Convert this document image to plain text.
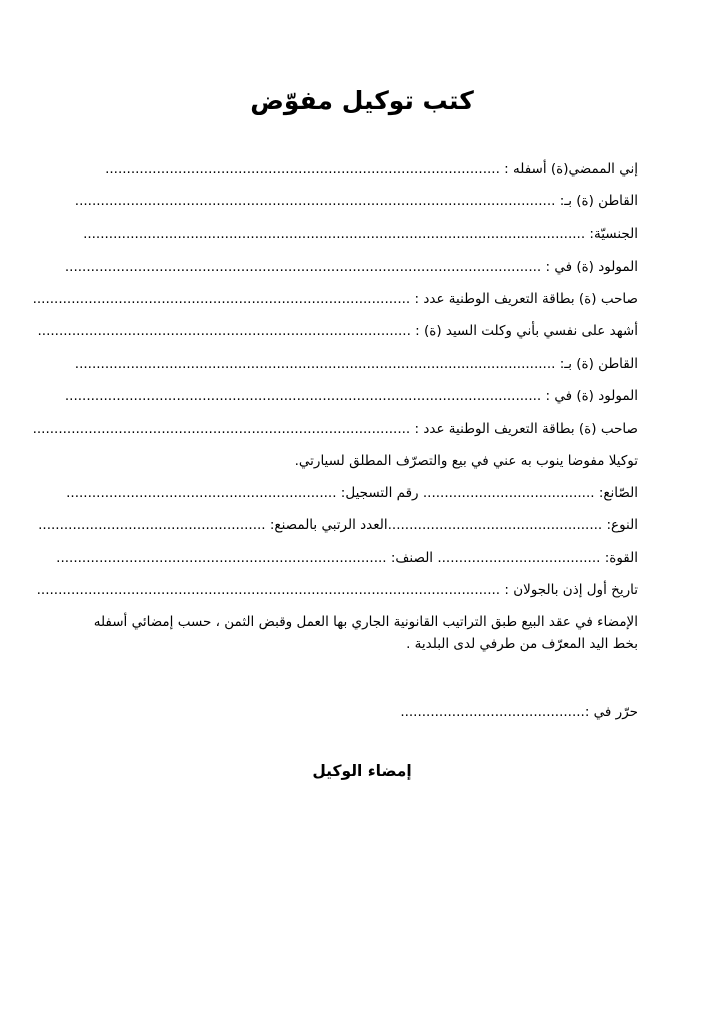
كتب توكيل مفوّض
إني الممضي(ة) أسفله : ............................................................................................
القاطن (ة) بـ: ................................................................................................................
الجنسيّة: .....................................................................................................................
المولود (ة) في : ...............................................................................................................
صاحب (ة) بطاقة التعريف الوطنية عدد : ........................................................................................
أشهد على نفسي بأني وكلت السيد (ة) : .......................................................................................
القاطن (ة) بـ: ................................................................................................................
المولود (ة) في : ...............................................................................................................
صاحب (ة) بطاقة التعريف الوطنية عدد : ........................................................................................
توكيلا مفوضا ينوب به عني في بيع والتصرّف المطلق لسيارتي.
الصّانع: ........................................ رقم التسجيل: ...............................................................
النوع: ..................................................العدد الرتبي بالمصنع: .....................................................
القوة: ...................................... الصنف: .............................................................................
تاريخ أول إذن بالجولان : ............................................................................................................
الإمضاء في عقد البيع طبق التراتيب القانونية الجاري بها العمل وقبض الثمن ، حسب إمضائي أسفله
بخط اليد المعرّف من طرفي لدى البلدية .
حرّر في :...........................................
إمضاء الوكيل
